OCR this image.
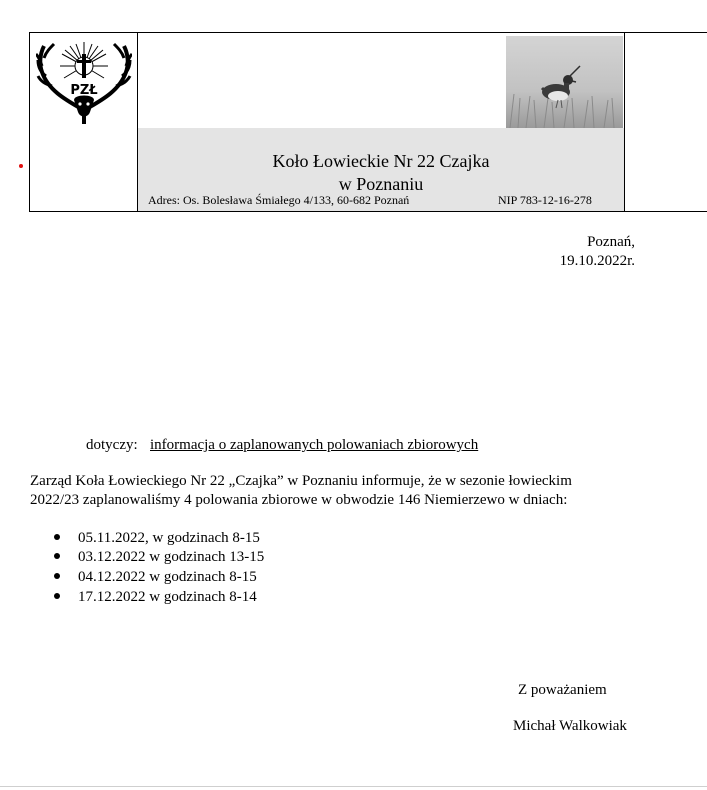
PZŁ
Koło Łowieckie Nr 22 Czajka
w Poznaniu
Adres: Os. Bolesława Śmiałego 4/133, 60-682 Poznań	NIP 783-12-16-278
Poznań,
19.10.2022r.
dotyczy: informacja o zaplanowanych polowaniach zbiorowych
Zarząd Koła Łowieckiego Nr 22 „Czajka” w Poznaniu informuje, że w sezonie łowieckim
2022/23 zaplanowaliśmy 4 polowania zbiorowe w obwodzie 146 Niemierzewo w dniach:
05.11.2022, w godzinach 8-15
03.12.2022 w godzinach 13-15
04.12.2022 w godzinach 8-15
17.12.2022 w godzinach 8-14
Z poważaniem
Michał Walkowiak
